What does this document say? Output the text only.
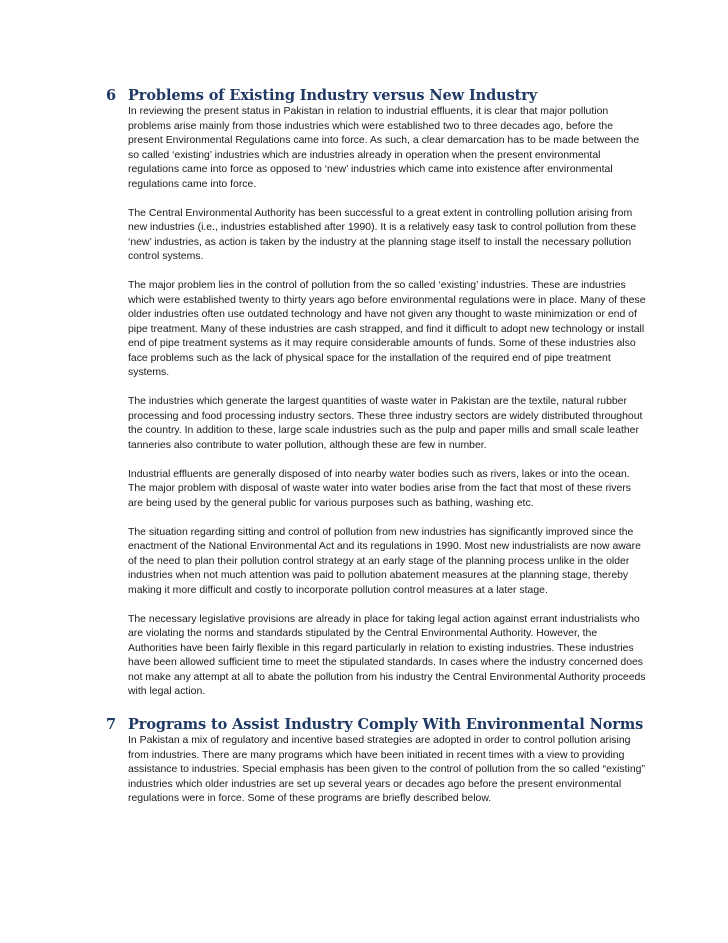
6 Problems of Existing Industry versus New Industry

In reviewing the present status in Pakistan in relation to industrial effluents, it is clear that major pollution problems arise mainly from those industries which were established two to three decades ago, before the present Environmental Regulations came into force. As such, a clear demarcation has to be made between the so called ‘existing’ industries which are industries already in operation when the present environmental regulations came into force as opposed to ‘new’ industries which came into existence after environmental regulations came into force.

The Central Environmental Authority has been successful to a great extent in controlling pollution arising from new industries (i.e., industries established after 1990). It is a relatively easy task to control pollution from these ‘new’ industries, as action is taken by the industry at the planning stage itself to install the necessary pollution control systems.

The major problem lies in the control of pollution from the so called ‘existing’ industries. These are industries which were established twenty to thirty years ago before environmental regulations were in place. Many of these older industries often use outdated technology and have not given any thought to waste minimization or end of pipe treatment. Many of these industries are cash strapped, and find it difficult to adopt new technology or install end of pipe treatment systems as it may require considerable amounts of funds. Some of these industries also face problems such as the lack of physical space for the installation of the required end of pipe treatment systems.

The industries which generate the largest quantities of waste water in Pakistan are the textile, natural rubber processing and food processing industry sectors. These three industry sectors are widely distributed throughout the country. In addition to these, large scale industries such as the pulp and paper mills and small scale leather tanneries also contribute to water pollution, although these are few in number.

Industrial effluents are generally disposed of into nearby water bodies such as rivers, lakes or into the ocean. The major problem with disposal of waste water into water bodies arise from the fact that most of these rivers are being used by the general public for various purposes such as bathing, washing etc.

The situation regarding sitting and control of pollution from new industries has significantly improved since the enactment of the National Environmental Act and its regulations in 1990. Most new industrialists are now aware of the need to plan their pollution control strategy at an early stage of the planning process unlike in the older industries when not much attention was paid to pollution abatement measures at the planning stage, thereby making it more difficult and costly to incorporate pollution control measures at a later stage.

The necessary legislative provisions are already in place for taking legal action against errant industrialists who are violating the norms and standards stipulated by the Central Environmental Authority. However, the Authorities have been fairly flexible in this regard particularly in relation to existing industries. These industries have been allowed sufficient time to meet the stipulated standards. In cases where the industry concerned does not make any attempt at all to abate the pollution from his industry the Central Environmental Authority proceeds with legal action.

7 Programs to Assist Industry Comply With Environmental Norms

In Pakistan a mix of regulatory and incentive based strategies are adopted in order to control pollution arising from industries. There are many programs which have been initiated in recent times with a view to providing assistance to industries. Special emphasis has been given to the control of pollution from the so called “existing” industries which older industries are set up several years or decades ago before the present environmental regulations were in force. Some of these programs are briefly described below.
